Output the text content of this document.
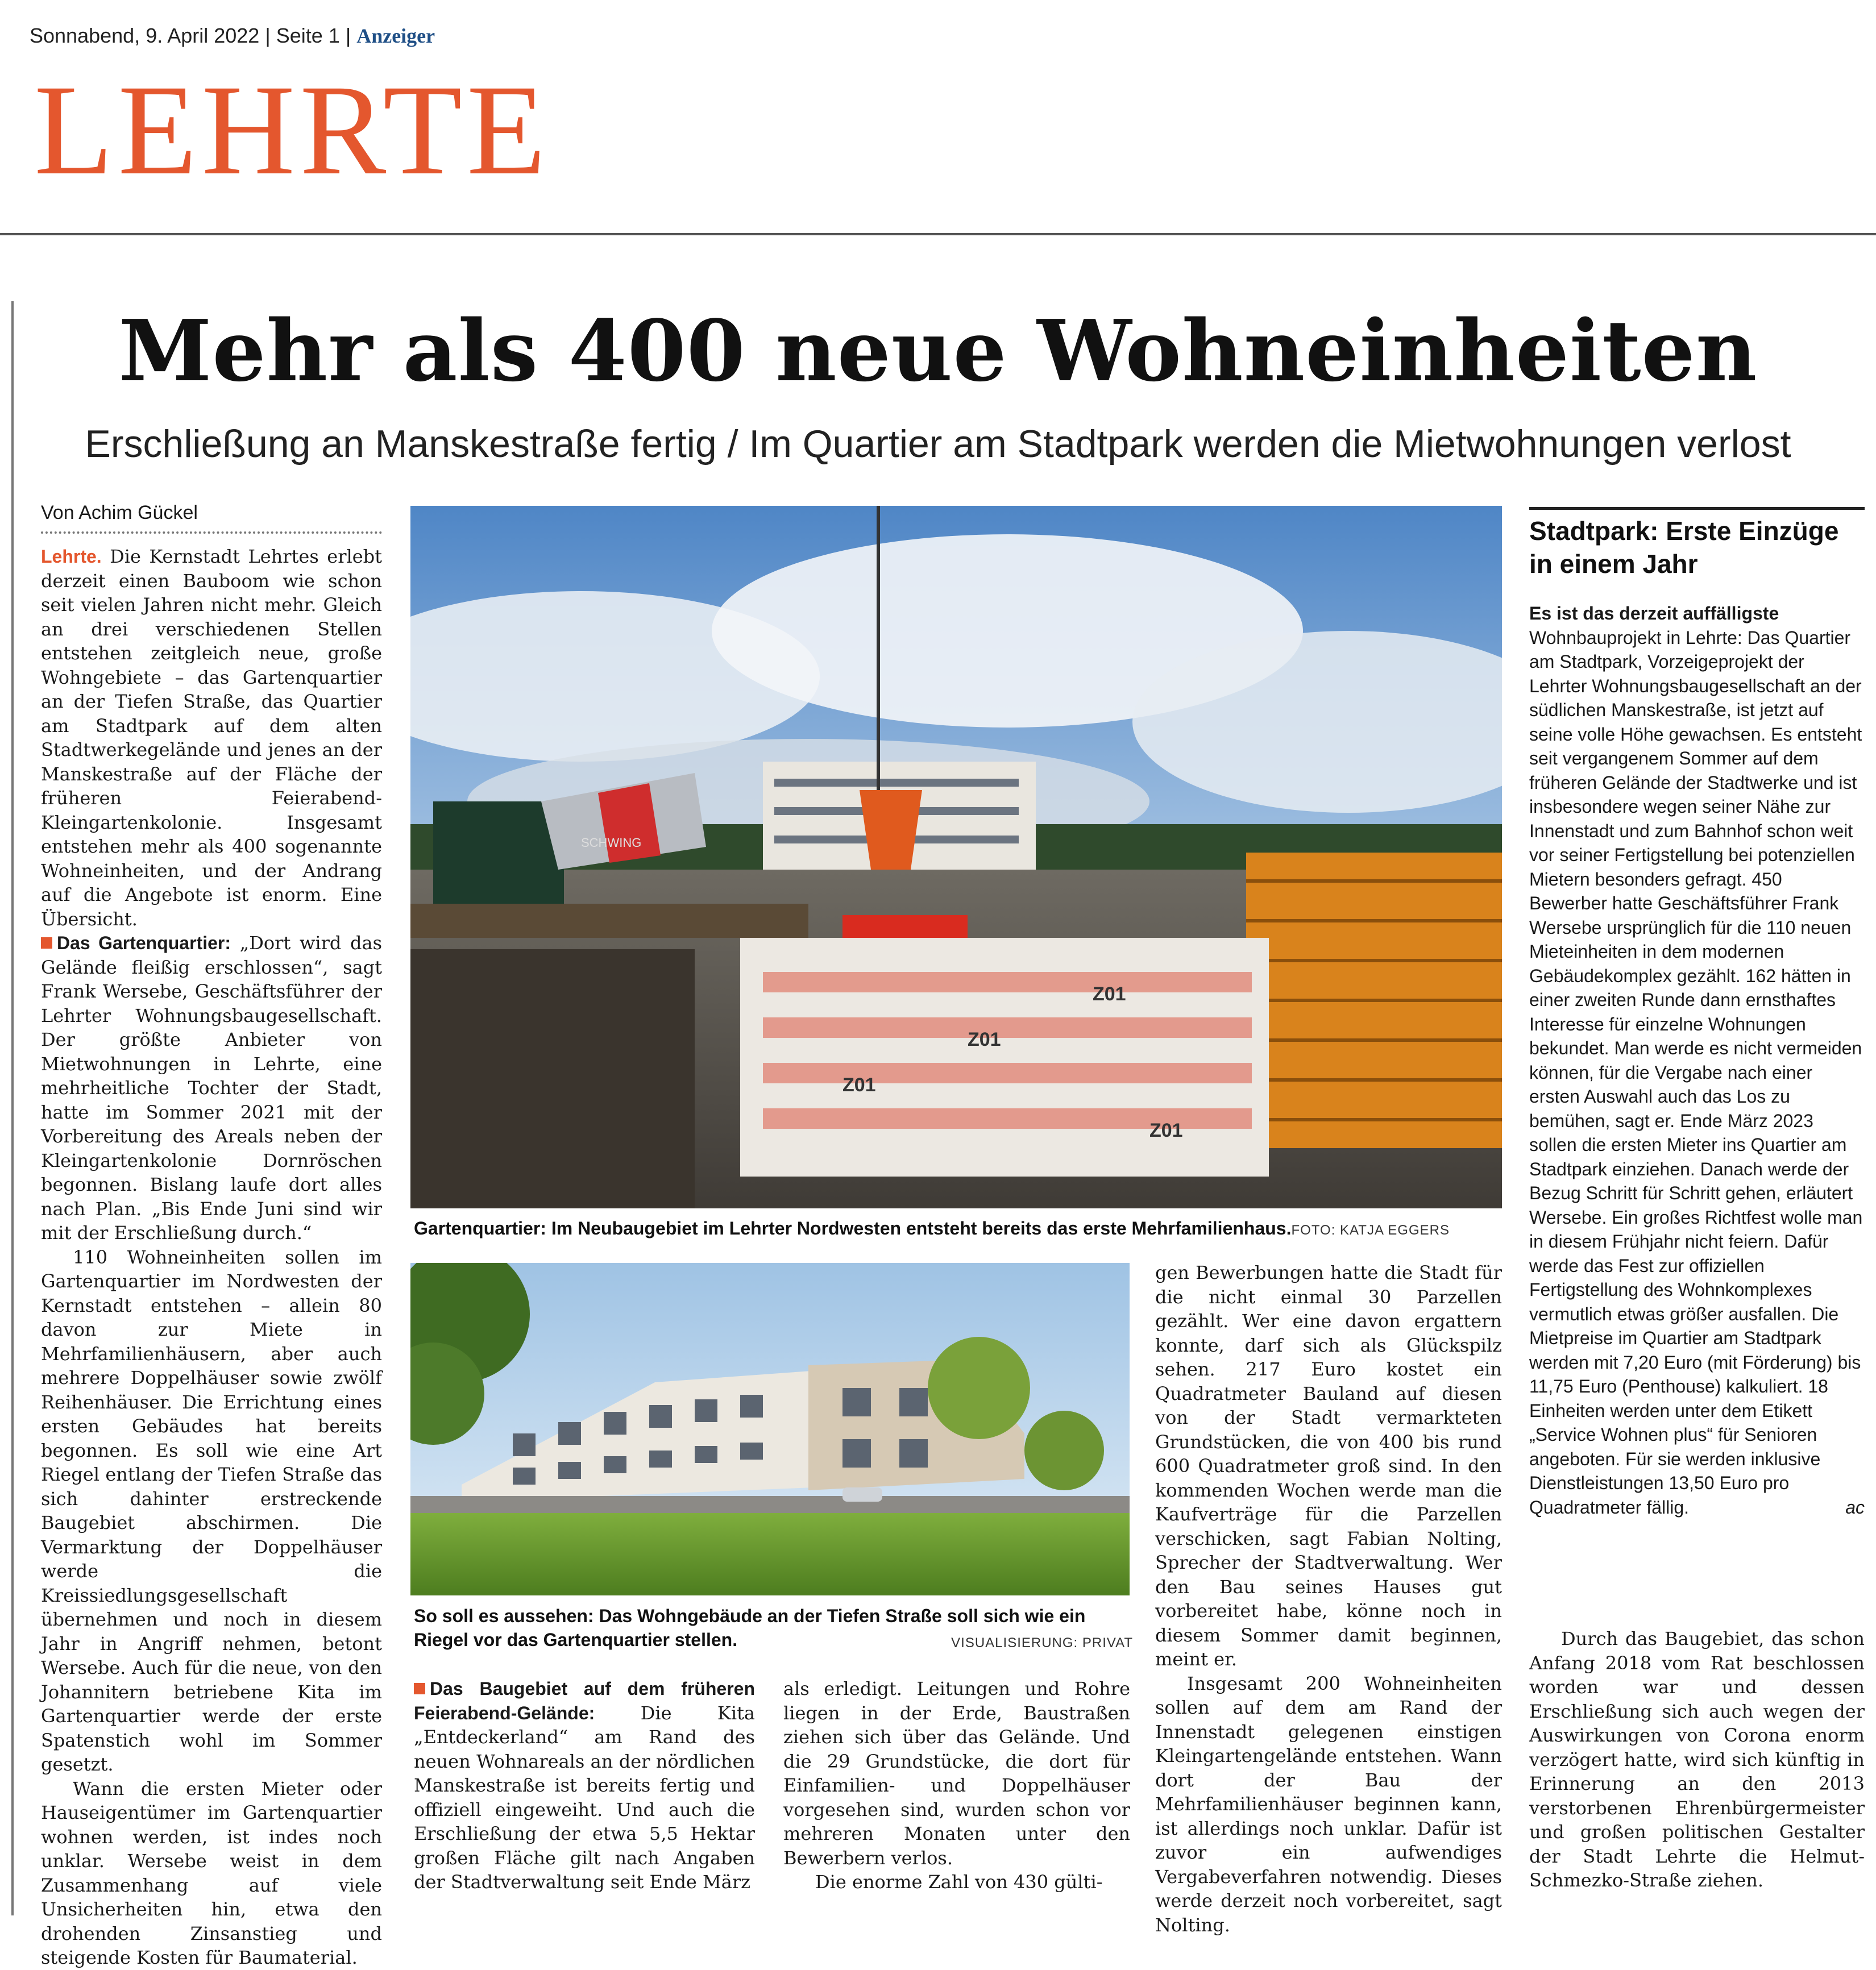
Sonnabend, 9. April 2022 | Seite 1 | Anzeiger
LEHRTE
Mehr als 400 neue Wohneinheiten
Erschließung an Manskestraße fertig / Im Quartier am Stadtpark werden die Mietwohnungen verlost
Von Achim Gückel

Lehrte. Die Kernstadt Lehrtes erlebt derzeit einen Bauboom wie schon seit vielen Jahren nicht mehr. Gleich an drei verschiedenen Stellen entstehen zeitgleich neue, große Wohngebiete – das Gartenquartier an der Tiefen Straße, das Quartier am Stadtpark auf dem alten Stadtwerkegelände und jenes an der Manskestraße auf der Fläche der früheren Feierabend-Kleingartenkolonie. Insgesamt entstehen mehr als 400 sogenannte Wohneinheiten, und der Andrang auf die Angebote ist enorm. Eine Übersicht.

Das Gartenquartier: „Dort wird das Gelände fleißig erschlossen“, sagt Frank Wersebe, Geschäftsführer der Lehrter Wohnungsbaugesellschaft. Der größte Anbieter von Mietwohnungen in Lehrte, eine mehrheitliche Tochter der Stadt, hatte im Sommer 2021 mit der Vorbereitung des Areals neben der Kleingartenkolonie Dornröschen begonnen. Bislang laufe dort alles nach Plan. „Bis Ende Juni sind wir mit der Erschließung durch.“

110 Wohneinheiten sollen im Gartenquartier im Nordwesten der Kernstadt entstehen – allein 80 davon zur Miete in Mehrfamilienhäusern, aber auch mehrere Doppelhäuser sowie zwölf Reihenhäuser. Die Errichtung eines ersten Gebäudes hat bereits begonnen. Es soll wie eine Art Riegel entlang der Tiefen Straße das sich dahinter erstreckende Baugebiet abschirmen. Die Vermarktung der Doppelhäuser werde die Kreissiedlungsgesellschaft übernehmen und noch in diesem Jahr in Angriff nehmen, betont Wersebe. Auch für die neue, von den Johannitern betriebene Kita im Gartenquartier werde der erste Spatenstich wohl im Sommer gesetzt.

Wann die ersten Mieter oder Hauseigentümer im Gartenquartier wohnen werden, ist indes noch unklar. Wersebe weist in dem Zusammenhang auf viele Unsicherheiten hin, etwa den drohenden Zinsanstieg und steigende Kosten für Baumaterial.

SCHWING
Z01
Z01
Z01
Z01
Gartenquartier: Im Neubaugebiet im Lehrter Nordwesten entsteht bereits das erste Mehrfamilienhaus.FOTO: KATJA EGGERS
So soll es aussehen: Das Wohngebäude an der Tiefen Straße soll sich wie ein Riegel vor das Gartenquartier stellen.	VISUALISIERUNG: PRIVAT

Das Baugebiet auf dem früheren Feierabend-Gelände: Die Kita „Entdeckerland“ am Rand des neuen Wohnareals an der nördlichen Manskestraße ist bereits fertig und offiziell eingeweiht. Und auch die Erschließung der etwa 5,5 Hektar großen Fläche gilt nach Angaben der Stadtverwaltung seit Ende März

als erledigt. Leitungen und Rohre liegen in der Erde, Baustraßen ziehen sich über das Gelände. Und die 29 Grundstücke, die dort für Einfamilien- und Doppelhäuser vorgesehen sind, wurden schon vor mehreren Monaten unter den Bewerbern verlos.

Die enorme Zahl von 430 gülti-

gen Bewerbungen hatte die Stadt für die nicht einmal 30 Parzellen gezählt. Wer eine davon ergattern konnte, darf sich als Glückspilz sehen. 217 Euro kostet ein Quadratmeter Bauland auf diesen von der Stadt vermarkteten Grundstücken, die von 400 bis rund 600 Quadratmeter groß sind. In den kommenden Wochen werde man die Kaufverträge für die Parzellen verschicken, sagt Fabian Nolting, Sprecher der Stadtverwaltung. Wer den Bau seines Hauses gut vorbereitet habe, könne noch in diesem Sommer damit beginnen, meint er.

Insgesamt 200 Wohneinheiten sollen auf dem am Rand der Innenstadt gelegenen einstigen Kleingartengelände entstehen. Wann dort der Bau der Mehrfamilienhäuser beginnen kann, ist allerdings noch unklar. Dafür ist zuvor ein aufwendiges Vergabeverfahren notwendig. Dieses werde derzeit noch vorbereitet, sagt Nolting.

Stadtpark: Erste Einzüge in einem Jahr
Es ist das derzeit auffälligste Wohnbauprojekt in Lehrte: Das Quartier am Stadtpark, Vorzeigeprojekt der Lehrter Wohnungsbaugesellschaft an der südlichen Manskestraße, ist jetzt auf seine volle Höhe gewachsen. Es entsteht seit vergangenem Sommer auf dem früheren Gelände der Stadtwerke und ist insbesondere wegen seiner Nähe zur Innenstadt und zum Bahnhof schon weit vor seiner Fertigstellung bei potenziellen Mietern besonders gefragt. 450 Bewerber hatte Geschäftsführer Frank Wersebe ursprünglich für die 110 neuen Mieteinheiten in dem modernen Gebäudekomplex gezählt. 162 hätten in einer zweiten Runde dann ernsthaftes Interesse für einzelne Wohnungen bekundet. Man werde es nicht vermeiden können, für die Vergabe nach einer ersten Auswahl auch das Los zu bemühen, sagt er. Ende März 2023 sollen die ersten Mieter ins Quartier am Stadtpark einziehen. Danach werde der Bezug Schritt für Schritt gehen, erläutert Wersebe. Ein großes Richtfest wolle man in diesem Frühjahr nicht feiern. Dafür werde das Fest zur offiziellen Fertigstellung des Wohnkomplexes vermutlich etwas größer ausfallen. Die Mietpreise im Quartier am Stadtpark werden mit 7,20 Euro (mit Förderung) bis 11,75 Euro (Penthouse) kalkuliert. 18 Einheiten werden unter dem Etikett „Service Wohnen plus“ für Senioren angeboten. Für sie werden inklusive Dienstleistungen 13,50 Euro pro Quadratmeter fällig.	ac

Durch das Baugebiet, das schon Anfang 2018 vom Rat beschlossen worden war und dessen Erschließung sich auch wegen der Auswirkungen von Corona enorm verzögert hatte, wird sich künftig in Erinnerung an den 2013 verstorbenen Ehrenbürgermeister und großen politischen Gestalter der Stadt Lehrte die Helmut-Schmezko-Straße ziehen.
